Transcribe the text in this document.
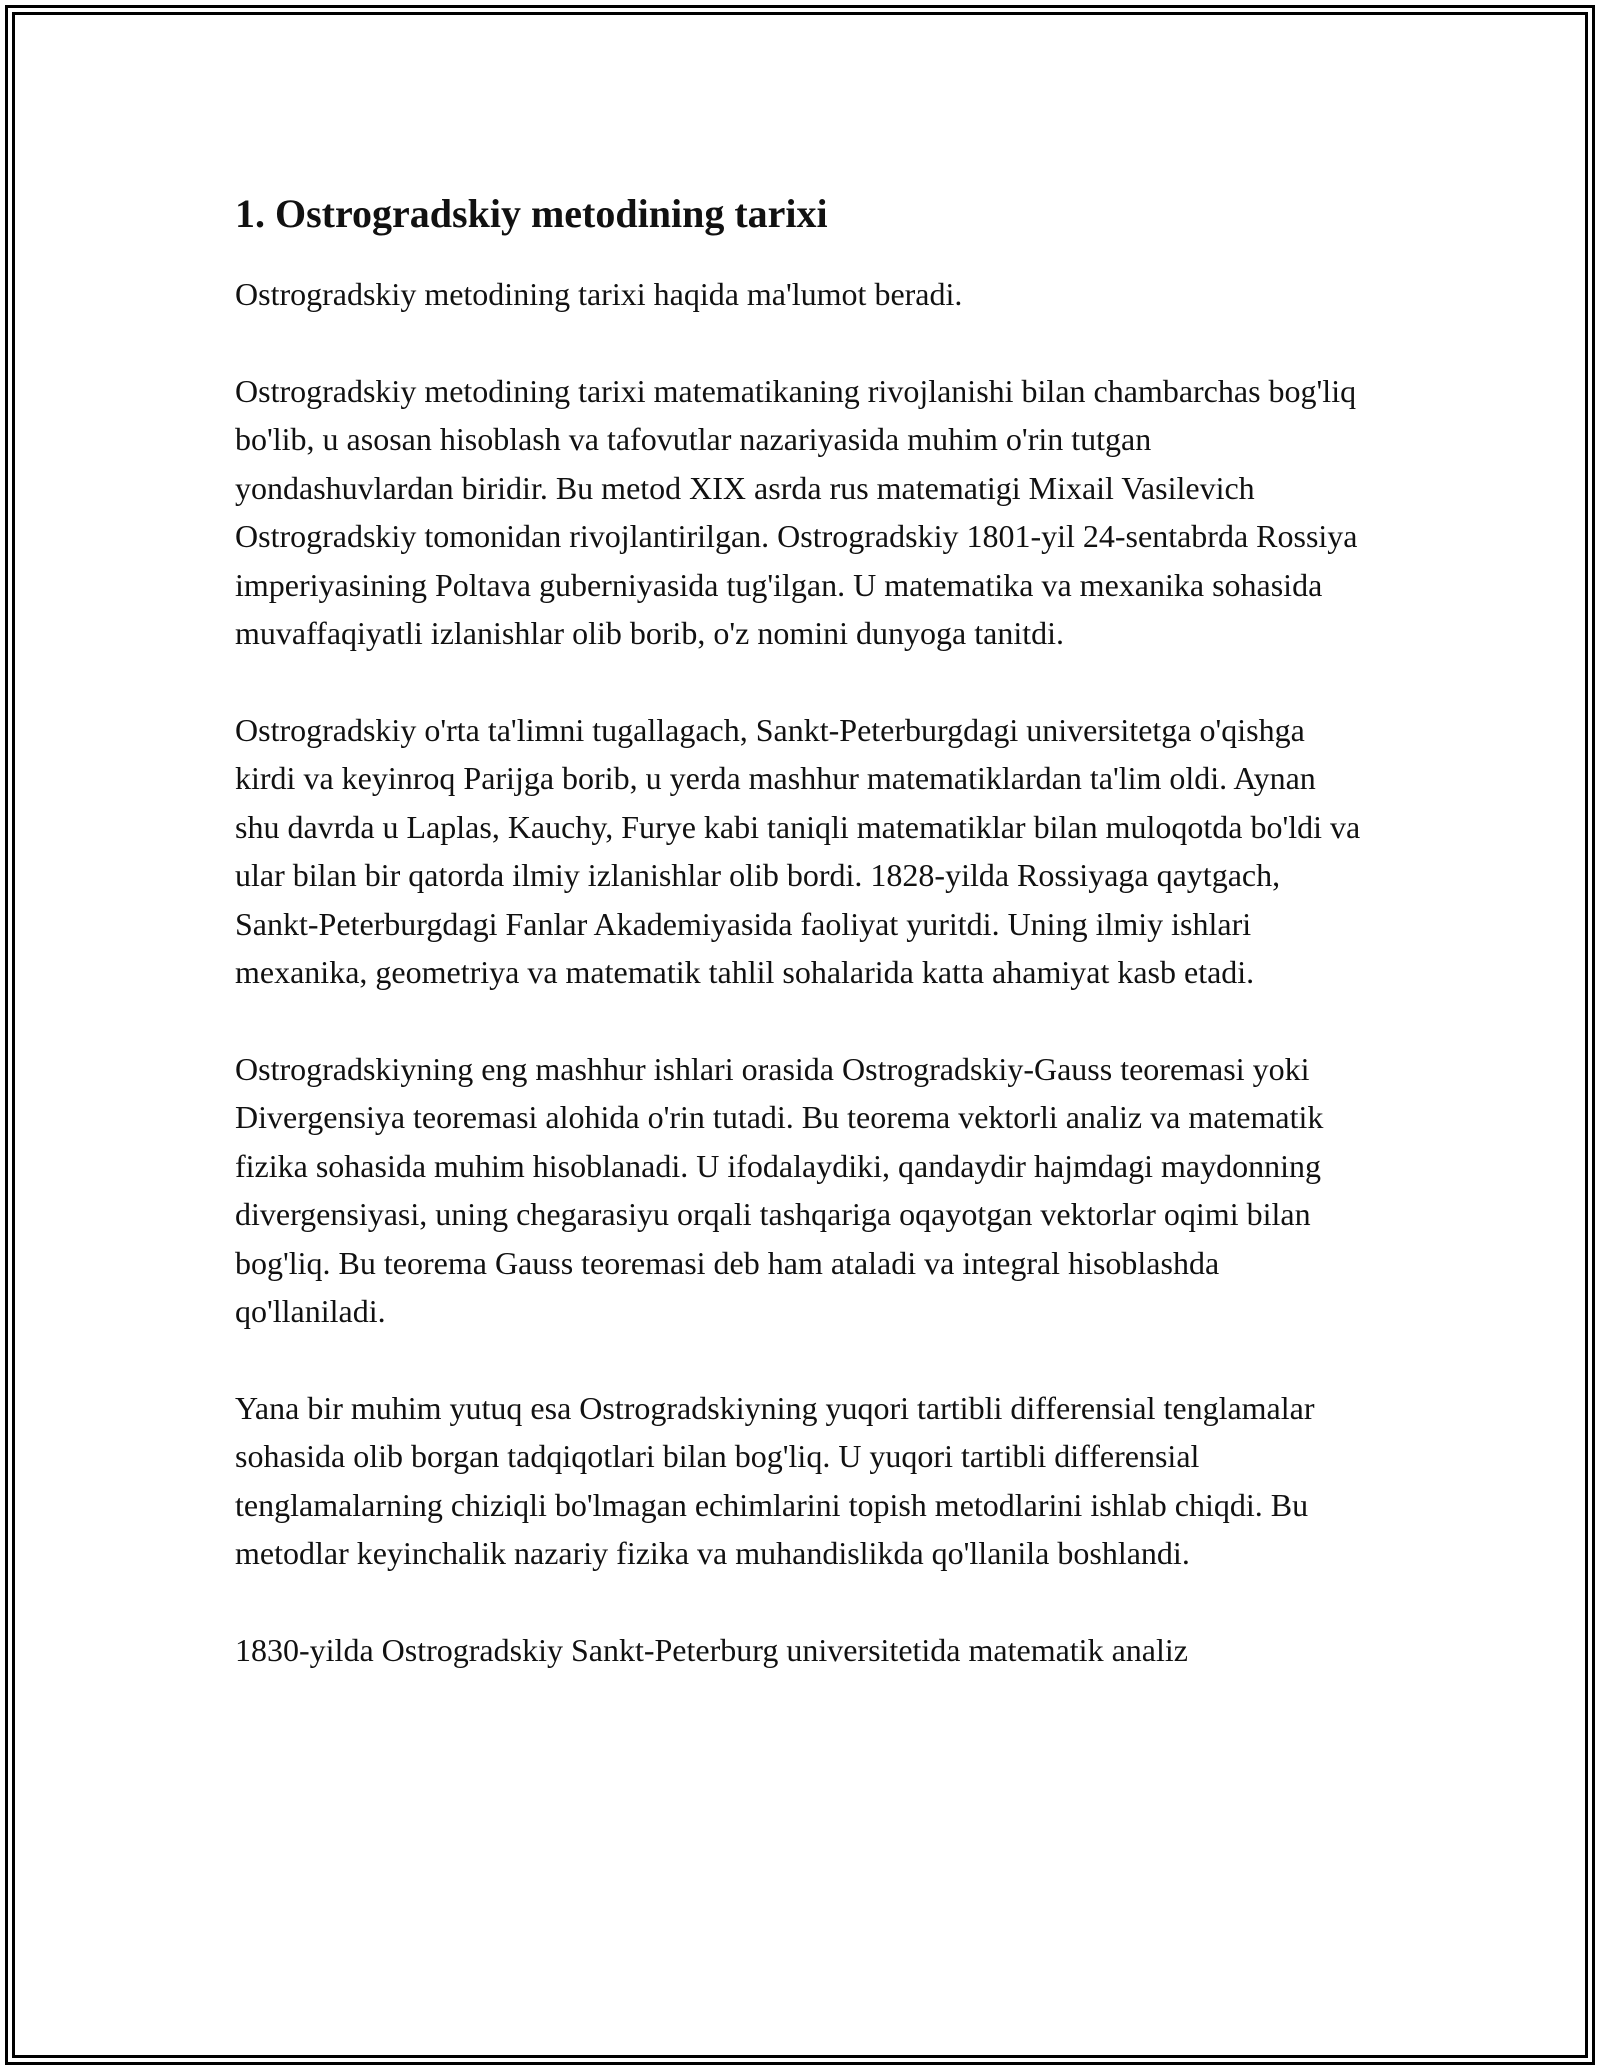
1. Ostrogradskiy metodining tarixi

Ostrogradskiy metodining tarixi haqida ma'lumot beradi.

Ostrogradskiy metodining tarixi matematikaning rivojlanishi bilan chambarchas bog'liq bo'lib, u asosan hisoblash va tafovutlar nazariyasida muhim o'rin tutgan yondashuvlardan biridir. Bu metod XIX asrda rus matematigi Mixail Vasilevich Ostrogradskiy tomonidan rivojlantirilgan. Ostrogradskiy 1801-yil 24-sentabrda Rossiya imperiyasining Poltava guberniyasida tug'ilgan. U matematika va mexanika sohasida muvaffaqiyatli izlanishlar olib borib, o'z nomini dunyoga tanitdi.

Ostrogradskiy o'rta ta'limni tugallagach, Sankt-Peterburgdagi universitetga o'qishga kirdi va keyinroq Parijga borib, u yerda mashhur matematiklardan ta'lim oldi. Aynan shu davrda u Laplas, Kauchy, Furye kabi taniqli matematiklar bilan muloqotda bo'ldi va ular bilan bir qatorda ilmiy izlanishlar olib bordi. 1828-yilda Rossiyaga qaytgach, Sankt-Peterburgdagi Fanlar Akademiyasida faoliyat yuritdi. Uning ilmiy ishlari mexanika, geometriya va matematik tahlil sohalarida katta ahamiyat kasb etadi.

Ostrogradskiyning eng mashhur ishlari orasida Ostrogradskiy-Gauss teoremasi yoki Divergensiya teoremasi alohida o'rin tutadi. Bu teorema vektorli analiz va matematik fizika sohasida muhim hisoblanadi. U ifodalaydiki, qandaydir hajmdagi maydonning divergensiyasi, uning chegarasiyu orqali tashqariga oqayotgan vektorlar oqimi bilan bog'liq. Bu teorema Gauss teoremasi deb ham ataladi va integral hisoblashda qo'llaniladi.

Yana bir muhim yutuq esa Ostrogradskiyning yuqori tartibli differensial tenglamalar sohasida olib borgan tadqiqotlari bilan bog'liq. U yuqori tartibli differensial tenglamalarning chiziqli bo'lmagan echimlarini topish metodlarini ishlab chiqdi. Bu metodlar keyinchalik nazariy fizika va muhandislikda qo'llanila boshlandi.

1830-yilda Ostrogradskiy Sankt-Peterburg universitetida matematik analiz
